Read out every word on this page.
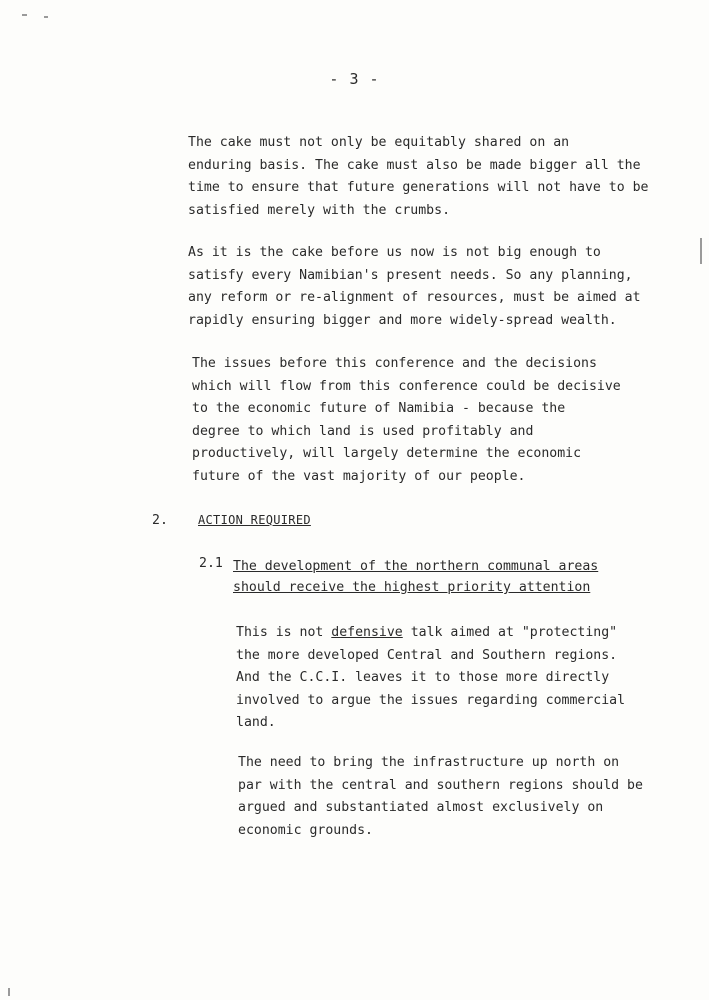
- 3 -
The cake must not only be equitably shared on an
enduring basis. The cake must also be made bigger all the
time to ensure that future generations will not have to be
satisfied merely with the crumbs.
As it is the cake before us now is not big enough to
satisfy every Namibian's present needs. So any planning,
any reform or re-alignment of resources, must be aimed at
rapidly ensuring bigger and more widely-spread wealth.
The issues before this conference and the decisions
which will flow from this conference could be decisive
to the economic future of Namibia - because the
degree to which land is used profitably and
productively, will largely determine the economic
future of the vast majority of our people.
2.	ACTION REQUIRED
2.1 The development of the northern communal areas
should receive the highest priority attention
This is not defensive talk aimed at "protecting"
the more developed Central and Southern regions.
And the C.C.I. leaves it to those more directly
involved to argue the issues regarding commercial
land.
The need to bring the infrastructure up north on
par with the central and southern regions should be
argued and substantiated almost exclusively on
economic grounds.
